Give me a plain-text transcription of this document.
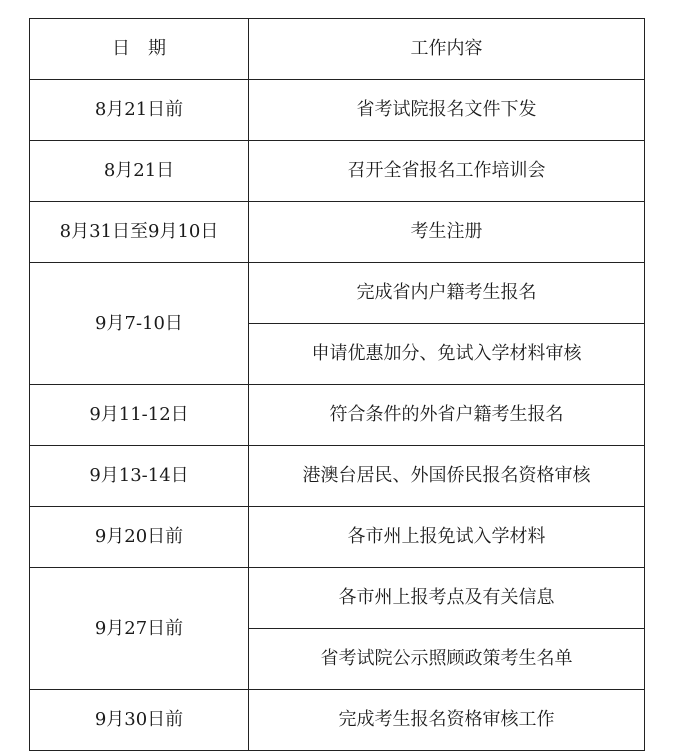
日　期	工作内容
8月21日前	省考试院报名文件下发
8月21日	召开全省报名工作培训会
8月31日至9月10日	考生注册
9月7-10日	完成省内户籍考生报名
	申请优惠加分、免试入学材料审核
9月11-12日	符合条件的外省户籍考生报名
9月13-14日	港澳台居民、外国侨民报名资格审核
9月20日前	各市州上报免试入学材料
9月27日前	各市州上报考点及有关信息
	省考试院公示照顾政策考生名单
9月30日前	完成考生报名资格审核工作
